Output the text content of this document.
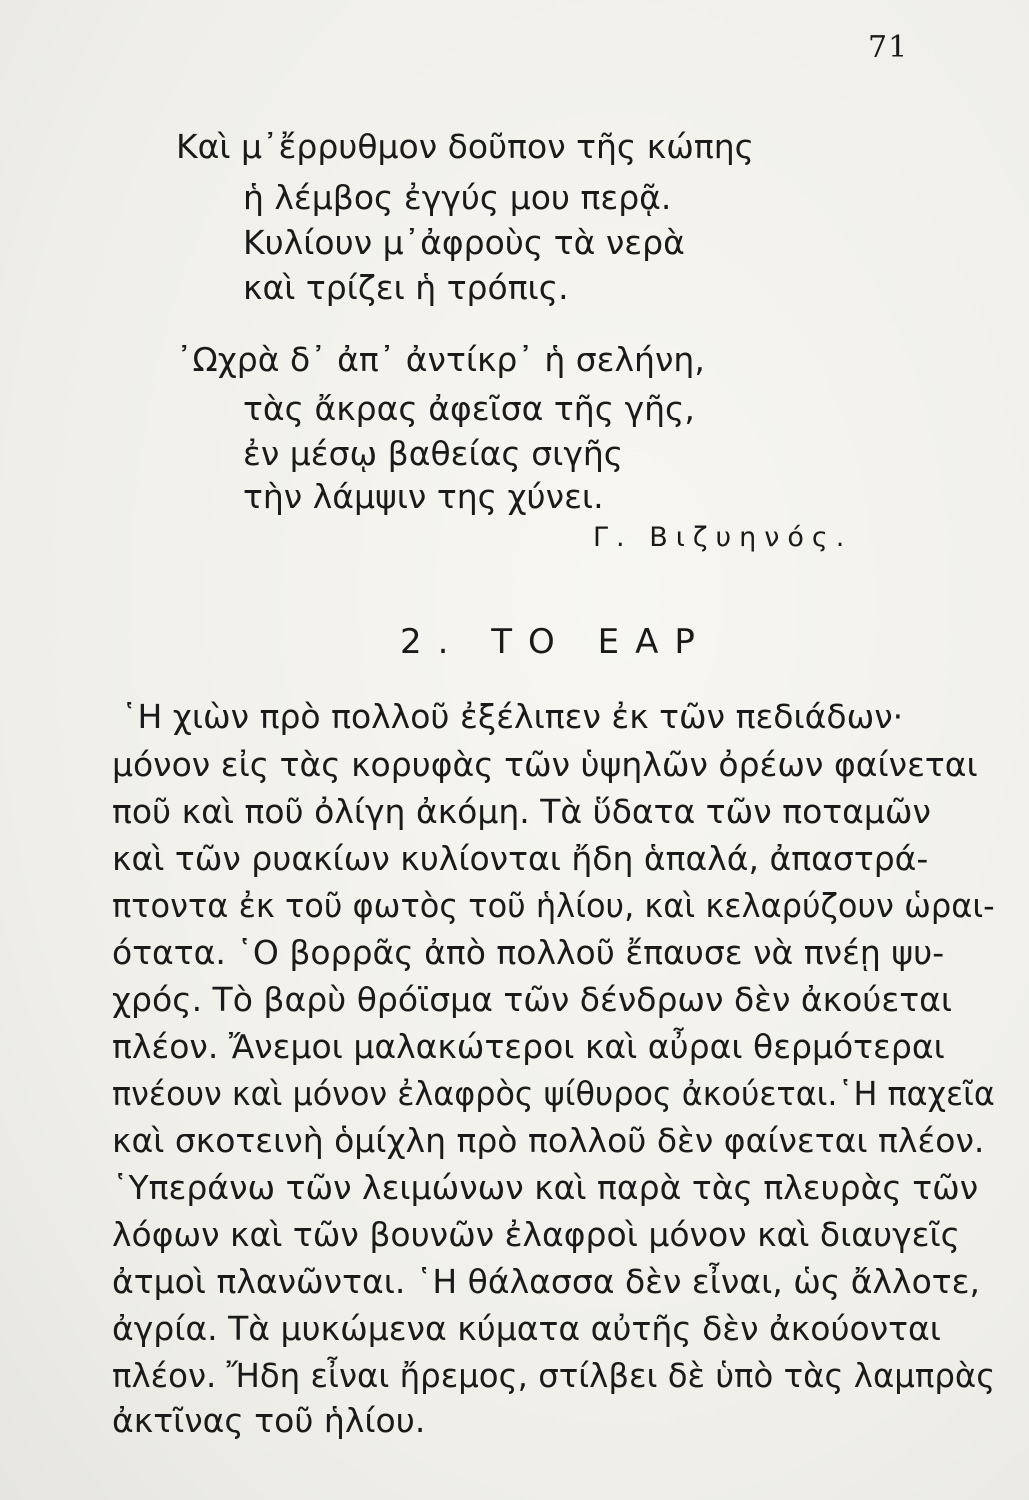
71
Καὶ μ᾽ἔρρυθμον δοῦπον τῆς κώπης
ἡ λέμβος ἐγγύς μου περᾷ.
Κυλίουν μ᾽ἀφροὺς τὰ νερὰ
καὶ τρίζει ἡ τρόπις.
᾽Ωχρὰ δ᾽ ἀπ᾽ ἀντίκρ᾽ ἡ σελήνη,
τὰς ἄκρας ἀφεῖσα τῆς γῆς,
ἐν μέσῳ βαθείας σιγῆς
τὴν λάμψιν της χύνει.
Γ. Βιζυηνός.
2. ΤΟ ΕΑΡ
῾Η χιὼν πρὸ πολλοῦ ἐξέλιπεν ἐκ τῶν πεδιάδων·
μόνον εἰς τὰς κορυφὰς τῶν ὑψηλῶν ὀρέων φαίνεται
ποῦ καὶ ποῦ ὀλίγη ἀκόμη. Τὰ ὕδατα τῶν ποταμῶν
καὶ τῶν ρυακίων κυλίονται ἤδη ἁπαλά, ἀπαστρά-
πτοντα ἐκ τοῦ φωτὸς τοῦ ἡλίου, καὶ κελαρύζουν ὡραι-
ότατα. ῾Ο βορρᾶς ἀπὸ πολλοῦ ἔπαυσε νὰ πνέῃ ψυ-
χρός. Τὸ βαρὺ θρόϊσμα τῶν δένδρων δὲν ἀκούεται
πλέον. Ἄνεμοι μαλακώτεροι καὶ αὖραι θερμότεραι
πνέουν καὶ μόνον ἐλαφρὸς ψίθυρος ἀκούεται.῾Η παχεῖα
καὶ σκοτεινὴ ὁμίχλη πρὸ πολλοῦ δὲν φαίνεται πλέον.
῾Υπεράνω τῶν λειμώνων καὶ παρὰ τὰς πλευρὰς τῶν
λόφων καὶ τῶν βουνῶν ἐλαφροὶ μόνον καὶ διαυγεῖς
ἀτμοὶ πλανῶνται. ῾Η θάλασσα δὲν εἶναι, ὡς ἄλλοτε,
ἀγρία. Τὰ μυκώμενα κύματα αὐτῆς δὲν ἀκούονται
πλέον. Ἤδη εἶναι ἤρεμος, στίλβει δὲ ὑπὸ τὰς λαμπρὰς
ἀκτῖνας τοῦ ἡλίου.
